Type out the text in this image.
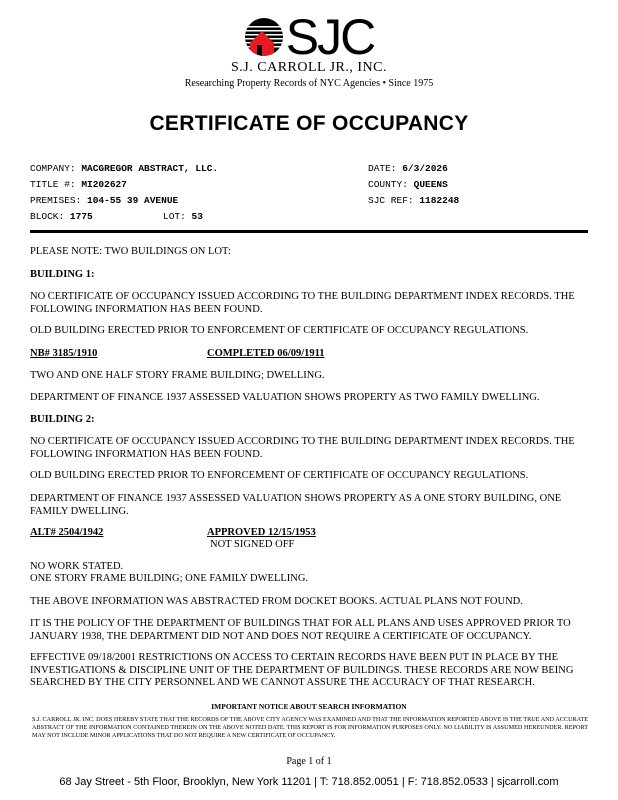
SJC
S.J. CARROLL JR., INC.
Researching Property Records of NYC Agencies • Since 1975
CERTIFICATE OF OCCUPANCY
COMPANY: MACGREGOR ABSTRACT, LLC.	DATE: 6/3/2026
TITLE #: MI202627	COUNTY: QUEENS
PREMISES: 104-55 39 AVENUE	SJC REF: 1182248
BLOCK: 1775	LOT: 53
PLEASE NOTE: TWO BUILDINGS ON LOT:
BUILDING 1:
NO CERTIFICATE OF OCCUPANCY ISSUED ACCORDING TO THE BUILDING DEPARTMENT INDEX RECORDS. THE FOLLOWING INFORMATION HAS BEEN FOUND.
OLD BUILDING ERECTED PRIOR TO ENFORCEMENT OF CERTIFICATE OF OCCUPANCY REGULATIONS.
NB# 3185/1910	COMPLETED 06/09/1911
TWO AND ONE HALF STORY FRAME BUILDING; DWELLING.
DEPARTMENT OF FINANCE 1937 ASSESSED VALUATION SHOWS PROPERTY AS TWO FAMILY DWELLING.
BUILDING 2:
NO CERTIFICATE OF OCCUPANCY ISSUED ACCORDING TO THE BUILDING DEPARTMENT INDEX RECORDS. THE FOLLOWING INFORMATION HAS BEEN FOUND.
OLD BUILDING ERECTED PRIOR TO ENFORCEMENT OF CERTIFICATE OF OCCUPANCY REGULATIONS.
DEPARTMENT OF FINANCE 1937 ASSESSED VALUATION SHOWS PROPERTY AS A ONE STORY BUILDING, ONE FAMILY DWELLING.
ALT# 2504/1942	APPROVED 12/15/1953
NOT SIGNED OFF
NO WORK STATED.
ONE STORY FRAME BUILDING; ONE FAMILY DWELLING.
THE ABOVE INFORMATION WAS ABSTRACTED FROM DOCKET BOOKS. ACTUAL PLANS NOT FOUND.
IT IS THE POLICY OF THE DEPARTMENT OF BUILDINGS THAT FOR ALL PLANS AND USES APPROVED PRIOR TO JANUARY 1938, THE DEPARTMENT DID NOT AND DOES NOT REQUIRE A CERTIFICATE OF OCCUPANCY.
EFFECTIVE 09/18/2001 RESTRICTIONS ON ACCESS TO CERTAIN RECORDS HAVE BEEN PUT IN PLACE BY THE INVESTIGATIONS & DISCIPLINE UNIT OF THE DEPARTMENT OF BUILDINGS. THESE RECORDS ARE NOW BEING SEARCHED BY THE CITY PERSONNEL AND WE CANNOT ASSURE THE ACCURACY OF THAT RESEARCH.
IMPORTANT NOTICE ABOUT SEARCH INFORMATION
S.J. CARROLL JR. INC. DOES HEREBY STATE THAT THE RECORDS OF THE ABOVE CITY AGENCY WAS EXAMINED AND THAT THE INFORMATION REPORTED ABOVE IS THE TRUE AND ACCURATE ABSTRACT OF THE INFORMATION CONTAINED THEREIN ON THE ABOVE NOTED DATE. THIS REPORT IS FOR INFORMATION PURPOSES ONLY. NO LIABILITY IS ASSUMED HEREUNDER. REPORT MAY NOT INCLUDE MINOR APPLICATIONS THAT DO NOT REQUIRE A NEW CERTIFICATE OF OCCUPANCY.
Page 1 of 1
68 Jay Street - 5th Floor, Brooklyn, New York 11201 | T: 718.852.0051 | F: 718.852.0533 | sjcarroll.com
